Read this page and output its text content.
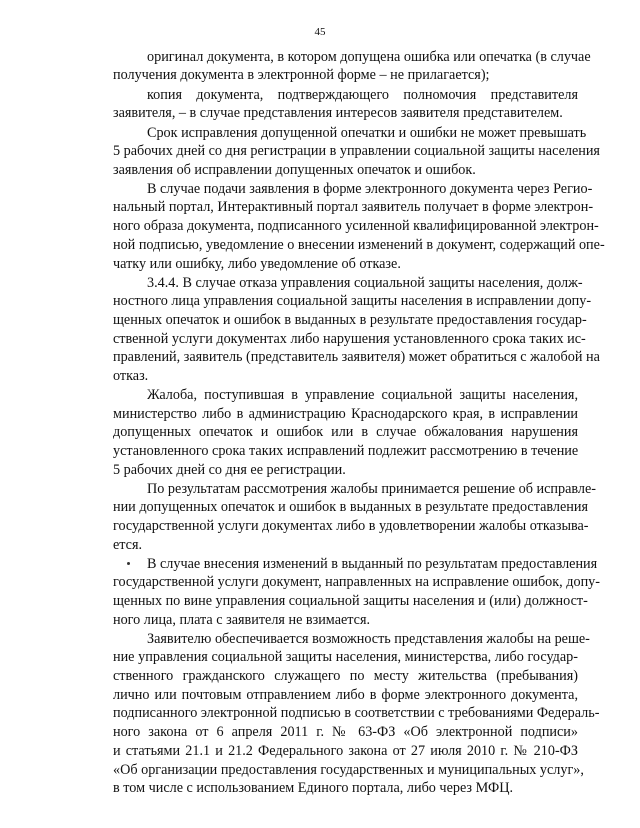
45
оригинал документа, в котором допущена ошибка или опечатка (в случае
получения документа в электронной форме – не прилагается);
копия документа, подтверждающего полномочия представителя
заявителя, – в случае представления интересов заявителя представителем.
Срок исправления допущенной опечатки и ошибки не может превышать
5 рабочих дней со дня регистрации в управлении социальной защиты населения
заявления об исправлении допущенных опечаток и ошибок.
В случае подачи заявления в форме электронного документа через Регио-
нальный портал, Интерактивный портал заявитель получает в форме электрон-
ного образа документа, подписанного усиленной квалифицированной электрон-
ной подписью, уведомление о внесении изменений в документ, содержащий опе-
чатку или ошибку, либо уведомление об отказе.
3.4.4. В случае отказа управления социальной защиты населения, долж-
ностного лица управления социальной защиты населения в исправлении допу-
щенных опечаток и ошибок в выданных в результате предоставления государ-
ственной услуги документах либо нарушения установленного срока таких ис-
правлений, заявитель (представитель заявителя) может обратиться с жалобой на
отказ.
Жалоба, поступившая в управление социальной защиты населения,
министерство либо в администрацию Краснодарского края, в исправлении
допущенных опечаток и ошибок или в случае обжалования нарушения
установленного срока таких исправлений подлежит рассмотрению в течение
5 рабочих дней со дня ее регистрации.
По результатам рассмотрения жалобы принимается решение об исправле-
нии допущенных опечаток и ошибок в выданных в результате предоставления
государственной услуги документах либо в удовлетворении жалобы отказыва-
ется.
В случае внесения изменений в выданный по результатам предоставления
государственной услуги документ, направленных на исправление ошибок, допу-
щенных по вине управления социальной защиты населения и (или) должност-
ного лица, плата с заявителя не взимается.
Заявителю обеспечивается возможность представления жалобы на реше-
ние управления социальной защиты населения, министерства, либо государ-
ственного гражданского служащего по месту жительства (пребывания)
лично или почтовым отправлением либо в форме электронного документа,
подписанного электронной подписью в соответствии с требованиями Федераль-
ного закона от 6 апреля 2011 г. № 63-ФЗ «Об электронной подписи»
и статьями 21.1 и 21.2 Федерального закона от 27 июля 2010 г. № 210-ФЗ
«Об организации предоставления государственных и муниципальных услуг»,
в том числе с использованием Единого портала, либо через МФЦ.
